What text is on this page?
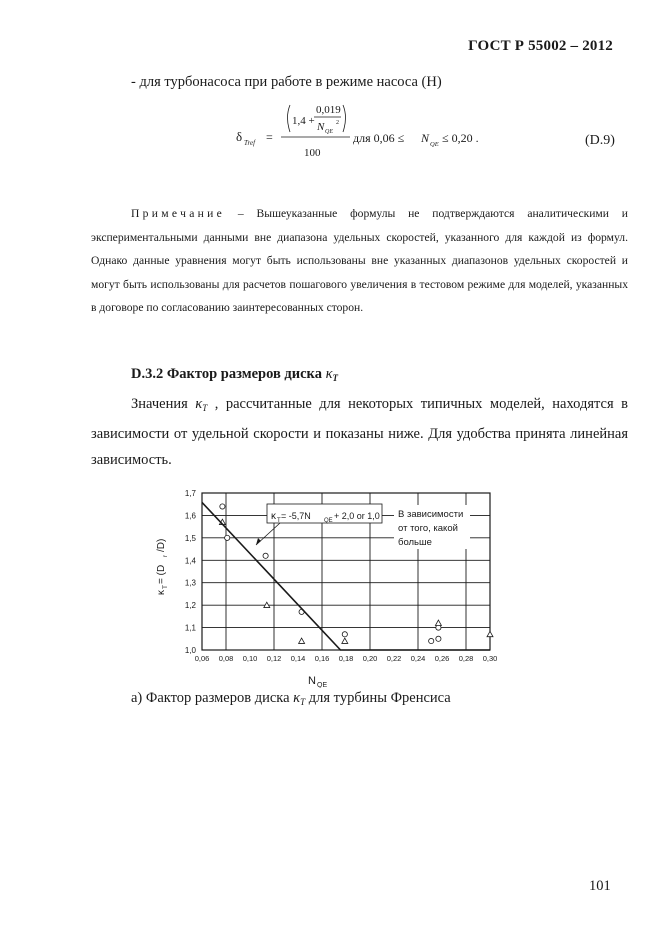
ГОСТ Р 55002 – 2012
- для турбонасоса при работе в режиме насоса (Н)
δ Tref =
1,4 +
0,019
N QE
2
100
для 0,06 ≤ N QE ≤ 0,20 .	(D.9)
Примечание – Вышеуказанные формулы не подтверждаются аналитическими и экспериментальными данными вне диапазона удельных скоростей, указанного для каждой из формул. Однако данные уравнения могут быть использованы вне указанных диапазонов удельных скоростей и могут быть использованы для расчетов пошагового увеличения в тестовом режиме для моделей, указанных в договоре по согласованию заинтересованных сторон.
D.3.2 Фактор размеров диска $\kappa_T$
Значения $\kappa_T$ , рассчитанные для некоторых типичных моделей, находятся в зависимости от удельной скорости и показаны ниже. Для удобства принята линейная зависимость.
0,06 0,08 0,10 0,12 0,14 0,16 0,18 0,20 0,22 0,24 0,26 0,28 0,30
1,0
1,1
1,2
1,3
1,4
1,5
1,6
1,7
N QE
κ
T
= (D
r
/D)
κ T = -5,7N QE + 2,0 or 1,0 В зависимости
от того, какой
больше
а) Фактор размеров диска $\kappa_T$ для турбины Френсиса
101
